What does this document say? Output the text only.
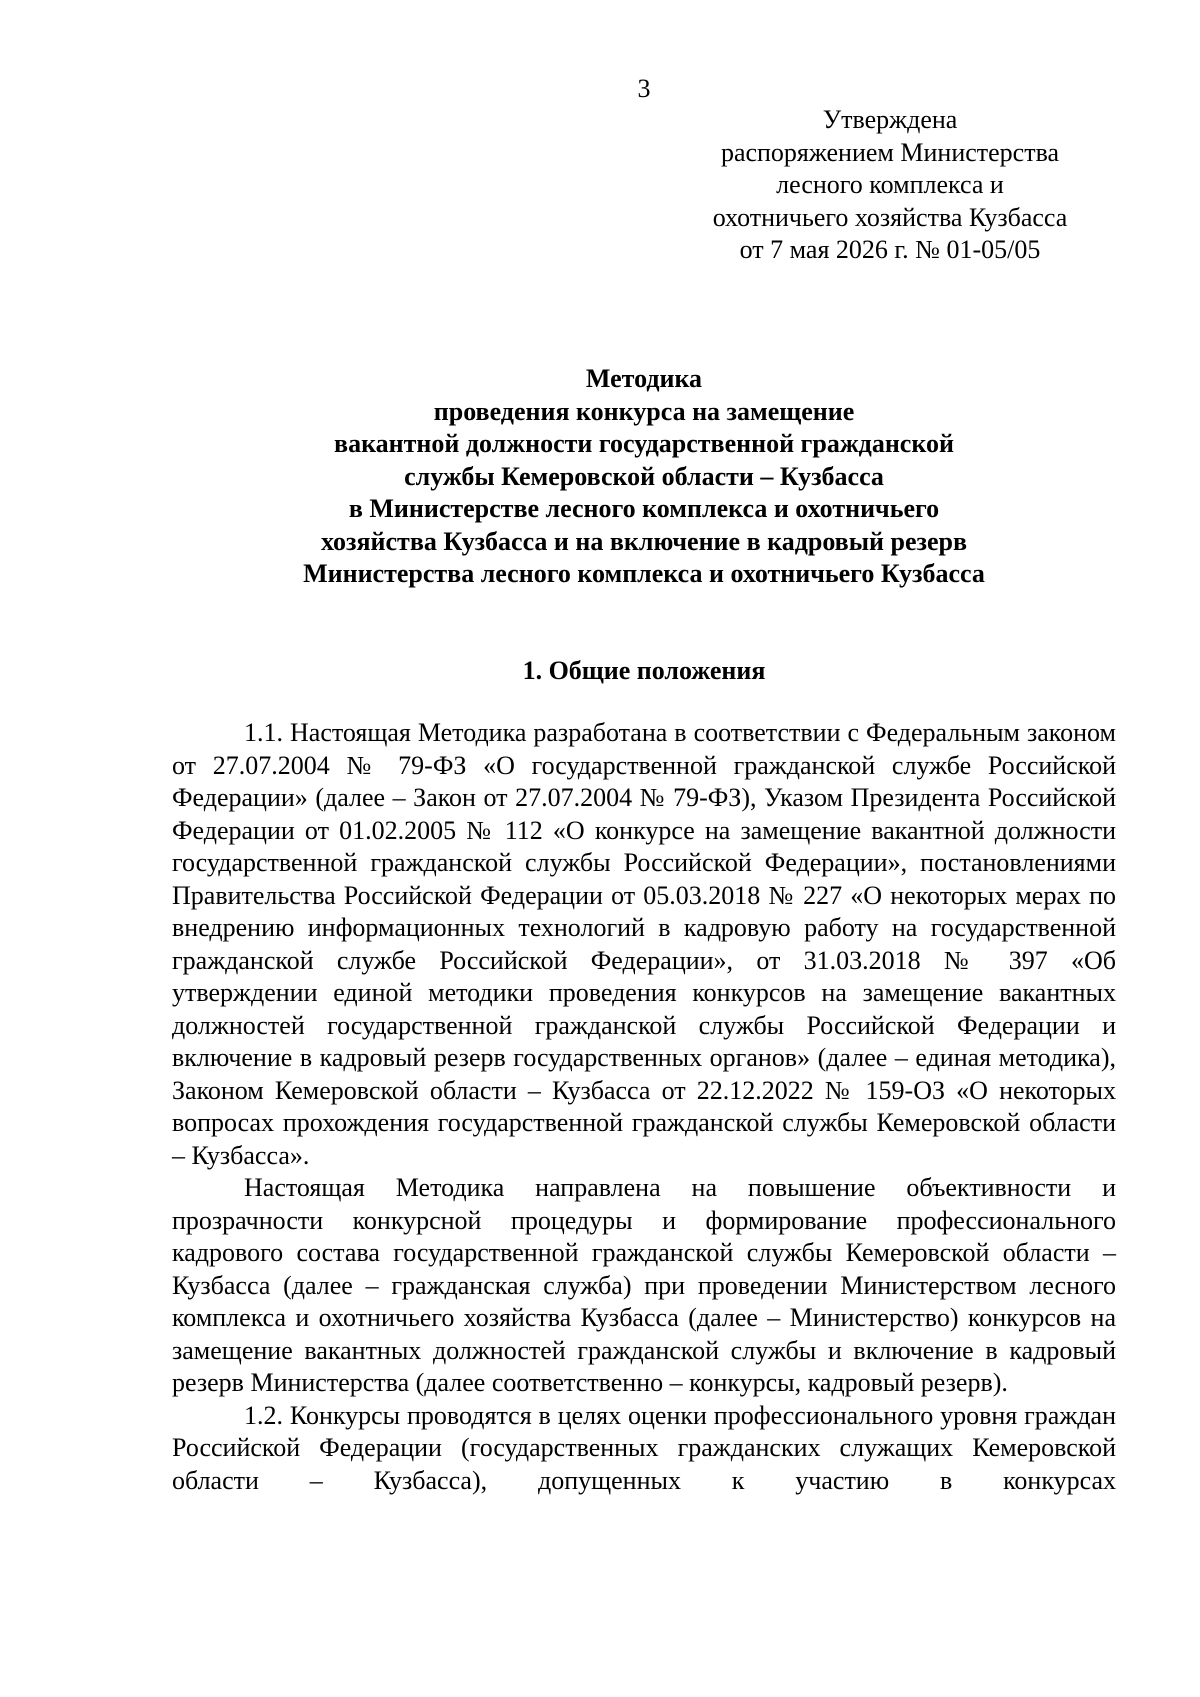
3
Утверждена
распоряжением Министерства
лесного комплекса и
охотничьего хозяйства Кузбасса
от 7 мая 2026 г. № 01-05/05
Методика
проведения конкурса на замещение
вакантной должности государственной гражданской
службы Кемеровской области – Кузбасса
в Министерстве лесного комплекса и охотничьего
хозяйства Кузбасса и на включение в кадровый резерв
Министерства лесного комплекса и охотничьего Кузбасса
1. Общие положения

1.1. Настоящая Методика разработана в соответствии с Федеральным законом от 27.07.2004 № 79-ФЗ «О государственной гражданской службе Российской Федерации» (далее – Закон от 27.07.2004 № 79-ФЗ), Указом Президента Российской Федерации от 01.02.2005 № 112 «О конкурсе на замещение вакантной должности государственной гражданской службы Российской Федерации», постановлениями Правительства Российской Федерации от 05.03.2018 № 227 «О некоторых мерах по внедрению информационных технологий в кадровую работу на государственной гражданской службе Российской Федерации», от 31.03.2018 № 397 «Об утверждении единой методики проведения конкурсов на замещение вакантных должностей государственной гражданской службы Российской Федерации и включение в кадровый резерв государственных органов» (далее – единая методика), Законом Кемеровской области – Кузбасса от 22.12.2022 № 159-ОЗ «О некоторых вопросах прохождения государственной гражданской службы Кемеровской области – Кузбасса».

Настоящая Методика направлена на повышение объективности и прозрачности конкурсной процедуры и формирование профессионального кадрового состава государственной гражданской службы Кемеровской области – Кузбасса (далее – гражданская служба) при проведении Министерством лесного комплекса и охотничьего хозяйства Кузбасса (далее – Министерство) конкурсов на замещение вакантных должностей гражданской службы и включение в кадровый резерв Министерства (далее соответственно – конкурсы, кадровый резерв).

1.2. Конкурсы проводятся в целях оценки профессионального уровня граждан Российской Федерации (государственных гражданских служащих Кемеровской области – Кузбасса), допущенных к участию в конкурсах
